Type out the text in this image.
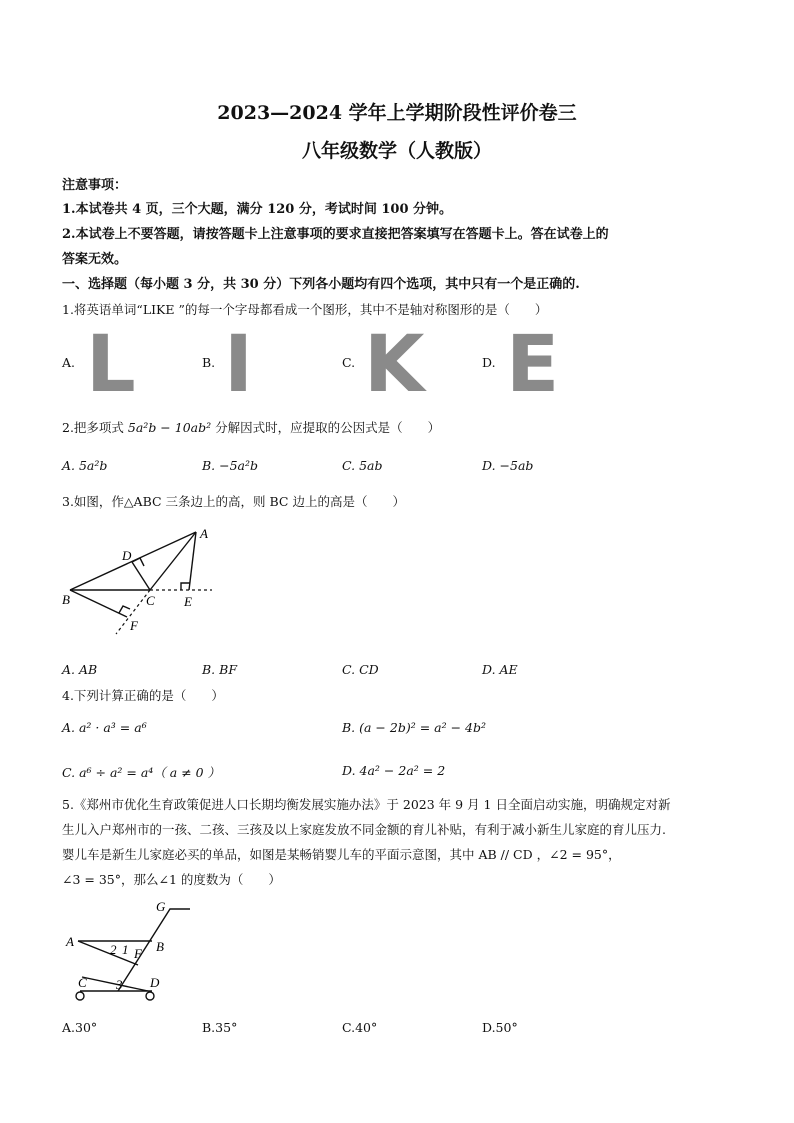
2023—2024 学年上学期阶段性评价卷三
八年级数学（人教版）
注意事项：
1.本试卷共 4 页，三个大题，满分 120 分，考试时间 100 分钟。
2.本试卷上不要答题，请按答题卡上注意事项的要求直接把答案填写在答题卡上。答在试卷上的
答案无效。
一、选择题（每小题 3 分，共 30 分）下列各小题均有四个选项，其中只有一个是正确的.
1.将英语单词“LIKE ”的每一个字母都看成一个图形，其中不是轴对称图形的是（　　）
A. L	B. I	C. K	D. E
2.把多项式 5a²b − 10ab² 分解因式时，应提取的公因式是（　　）
A. 5a²b	B. −5a²b	C. 5ab	D. −5ab
3.如图，作△ABC 三条边上的高，则 BC 边上的高是（　　）
A
B	C
D
E
F
A. AB	B. BF	C. CD	D. AE
4.下列计算正确的是（　　）
A. a² · a³ = a⁶	B. (a − 2b)² = a² − 4b²
C. a⁶ ÷ a² = a⁴（ a ≠ 0 ）	D. 4a² − 2a² = 2
5.《郑州市优化生育政策促进人口长期均衡发展实施办法》于 2023 年 9 月 1 日全面启动实施，明确规定对新
生儿入户郑州市的一孩、二孩、三孩及以上家庭发放不同金额的育儿补贴，有利于减小新生儿家庭的育儿压力.
婴儿车是新生儿家庭必买的单品，如图是某畅销婴儿车的平面示意图，其中 AB // CD ，∠2 = 95°，
∠3 = 35°，那么∠1 的度数为（　　）
G
A	B
F
C	D
2 1
3
A.30°	B.35°	C.40°	D.50°
